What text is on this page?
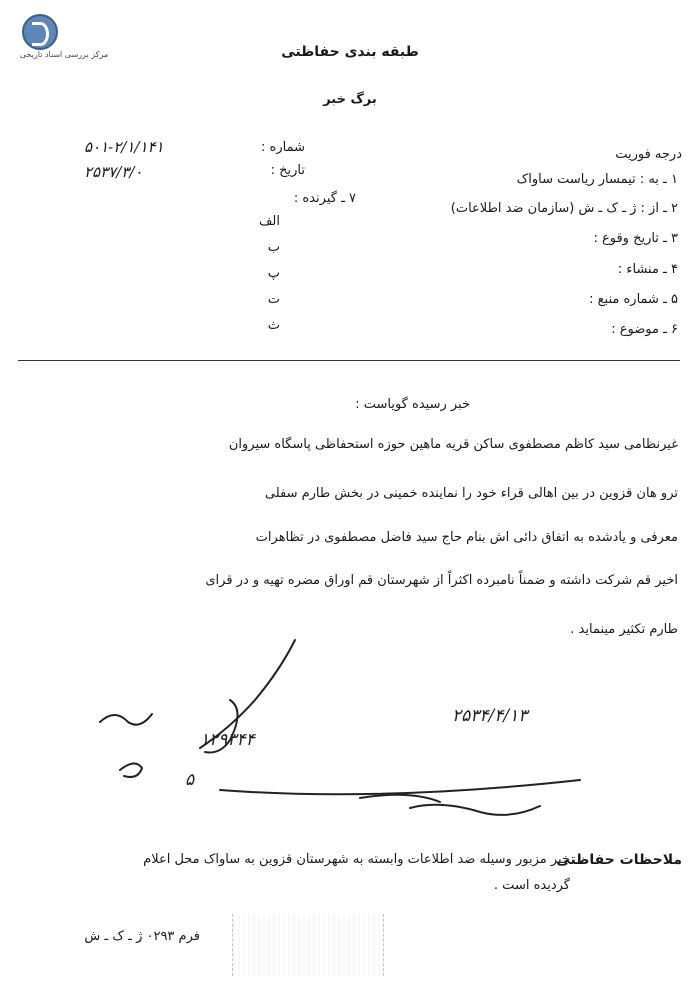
مرکز بررسی اسناد تاریخی	طبقه بندی حفاظتی
برگ خبر
درجه فوریت
شماره :
۵۰۱-۲/۱/۱۴۱
تاریخ :
۲۵۳۷/۳/۰
۷ ـ گیرنده :
الف
ب
پ
ت
ث
۱ ـ به : تیمسار ریاست ساواک
۲ ـ از : ژ ـ ک ـ ش (سازمان ضد اطلاعات)
۳ ـ تاریخ وقوع :
۴ ـ منشاء :
۵ ـ شماره منبع :
۶ ـ موضوع :
خبر رسیده گویاست :
غیرنظامی سید کاظم مصطفوی ساکن قریه ماهین حوزه استحفاظی پاسگاه سیروان
ترو هان قزوین در بین اهالی قراء خود را نماینده خمینی در بخش طارم سفلی
معرفی و یادشده به اتفاق دائی اش بنام حاج سید فاضل مصطفوی در تظاهرات
اخیر قم شرکت داشته و ضمناً نامبرده اکثراً از شهرستان قم اوراق مضره تهیه و در قرای
طارم تکثیر مینماید .
۱۲۹۳۴۴
۲۵۳۴/۴/۱۳
۵
ملاحظات حفاظتی
خبر مزبور وسیله ضد اطلاعات وابسته به شهرستان قزوین به ساواک محل اعلام
گردیده است .
فرم ۰۲۹۳ ژ ـ ک ـ ش
